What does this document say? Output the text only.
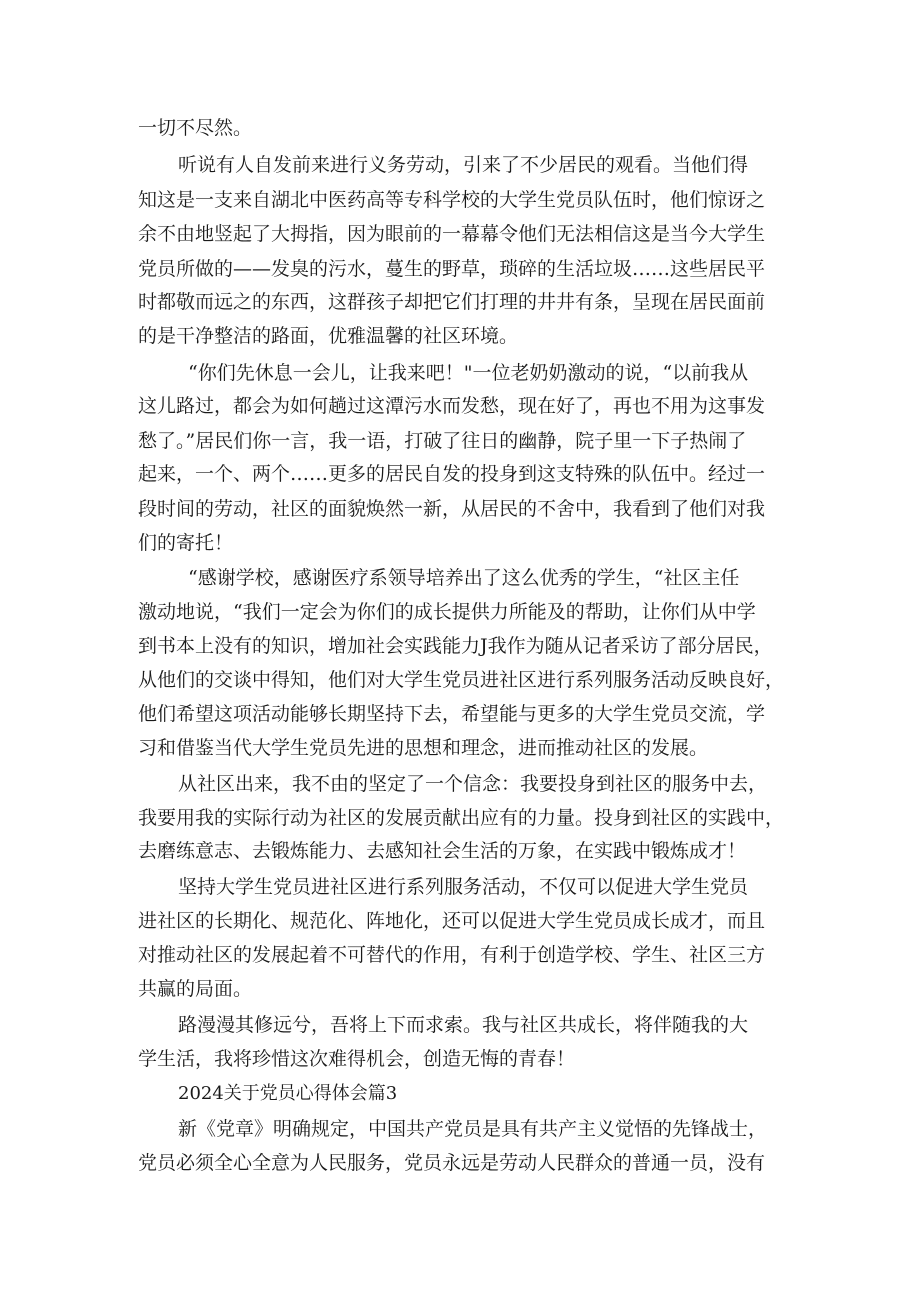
一切不尽然。
听说有人自发前来进行义务劳动，引来了不少居民的观看。当他们得
知这是一支来自湖北中医药高等专科学校的大学生党员队伍时，他们惊讶之
余不由地竖起了大拇指，因为眼前的一幕幕令他们无法相信这是当今大学生
党员所做的——发臭的污水，蔓生的野草，琐碎的生活垃圾……这些居民平
时都敬而远之的东西，这群孩子却把它们打理的井井有条，呈现在居民面前
的是干净整洁的路面，优雅温馨的社区环境。
“你们先休息一会儿，让我来吧！"一位老奶奶激动的说，“以前我从
这儿路过，都会为如何趟过这潭污水而发愁，现在好了，再也不用为这事发
愁了。”居民们你一言，我一语，打破了往日的幽静，院子里一下子热闹了
起来，一个、两个……更多的居民自发的投身到这支特殊的队伍中。经过一
段时间的劳动，社区的面貌焕然一新，从居民的不舍中，我看到了他们对我
们的寄托！
“感谢学校，感谢医疗系领导培养出了这么优秀的学生，“社区主任
激动地说，“我们一定会为你们的成长提供力所能及的帮助，让你们从中学
到书本上没有的知识，增加社会实践能力J我作为随从记者采访了部分居民，
从他们的交谈中得知，他们对大学生党员进社区进行系列服务活动反映良好，
他们希望这项活动能够长期坚持下去，希望能与更多的大学生党员交流，学
习和借鉴当代大学生党员先进的思想和理念，进而推动社区的发展。
从社区出来，我不由的坚定了一个信念：我要投身到社区的服务中去，
我要用我的实际行动为社区的发展贡献出应有的力量。投身到社区的实践中，
去磨练意志、去锻炼能力、去感知社会生活的万象，在实践中锻炼成才！
坚持大学生党员进社区进行系列服务活动，不仅可以促进大学生党员
进社区的长期化、规范化、阵地化，还可以促进大学生党员成长成才，而且
对推动社区的发展起着不可替代的作用，有利于创造学校、学生、社区三方
共赢的局面。
路漫漫其修远兮，吾将上下而求索。我与社区共成长，将伴随我的大
学生活，我将珍惜这次难得机会，创造无悔的青春！
2024关于党员心得体会篇3
新《党章》明确规定，中国共产党员是具有共产主义觉悟的先锋战士，
党员必须全心全意为人民服务，党员永远是劳动人民群众的普通一员，没有
